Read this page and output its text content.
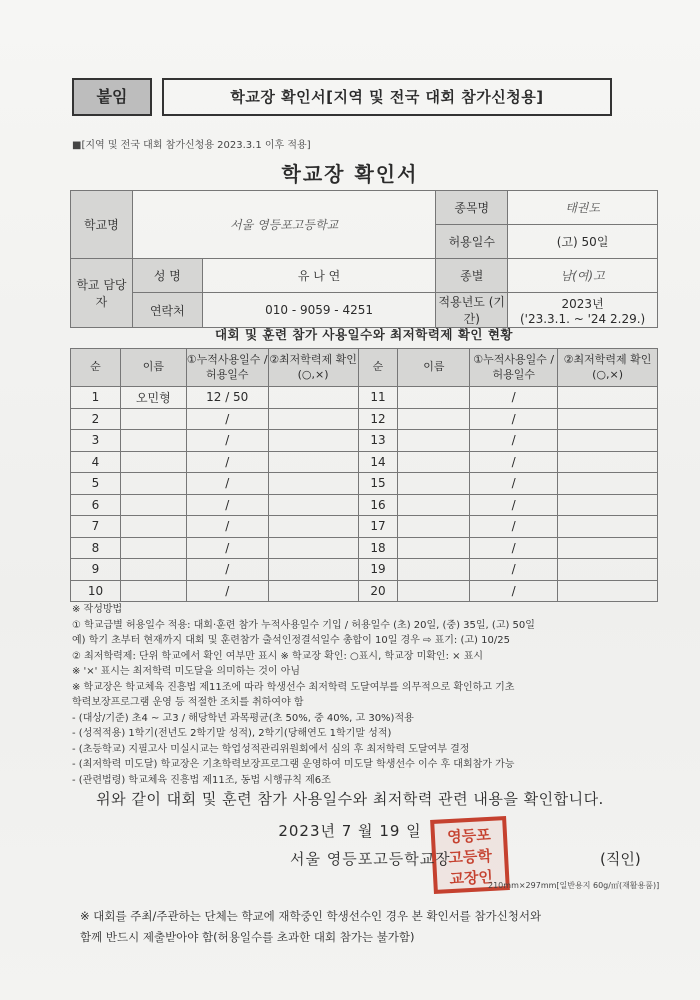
붙임	학교장 확인서[지역 및 전국 대회 참가신청용]
■[지역 및 전국 대회 참가신청용 2023.3.1 이후 적용]
학교장 확인서
학교명	서울 영등포고등학교		종목명	태권도
			허용일수	(고) 50일
학교 담당자	성 명	유 나 연	종별	남(여)고
	연락처	010 - 9059 - 4251	적용년도 (기간)	2023년
('23.3.1. ~ '24 2.29.)
대회 및 훈련 참가 사용일수와 최저학력제 확인 현황
순	이름	①누적사용일수 /허용일수	②최저학력제 확인(○,×)	순	이름	①누적사용일수 /허용일수	②최저학력제 확인(○,×)
1	오민형	12 / 50		11		/	
2		/		12		/	
3		/		13		/	
4		/		14		/	
5		/		15		/	
6		/		16		/	
7		/		17		/	
8		/		18		/	
9		/		19		/	
10		/		20		/	
※ 작성방법
① 학교급별 허용일수 적용: 대회·훈련 참가 누적사용일수 기입 / 허용일수 (초) 20일, (중) 35일, (고) 50일
예) 학기 초부터 현재까지 대회 및 훈련참가 출석인정결석일수 총합이 10일 경우 ⇨ 표기: (고) 10/25
② 최저학력제: 단위 학교에서 확인 여부만 표시 ※ 학교장 확인: ○표시, 학교장 미확인: × 표시
※ '×' 표시는 최저학력 미도달을 의미하는 것이 아님
※ 학교장은 학교체육 진흥법 제11조에 따라 학생선수 최저학력 도달여부를 의무적으로 확인하고 기초
학력보장프로그램 운영 등 적절한 조치를 취하여야 함
- (대상/기준) 초4 ~ 고3 / 해당학년 과목평균(초 50%, 중 40%, 고 30%)적용
- (성적적용) 1학기(전년도 2학기말 성적), 2학기(당해연도 1학기말 성적)
- (초등학교) 지필고사 미실시교는 학업성적관리위원회에서 심의 후 최저학력 도달여부 결정
- (최저학력 미도달) 학교장은 기초학력보장프로그램 운영하여 미도달 학생선수 이수 후 대회참가 가능
- (관련법령) 학교체육 진흥법 제11조, 동법 시행규칙 제6조
위와 같이 대회 및 훈련 참가 사용일수와 최저학력 관련 내용을 확인합니다.
2023년 7 월 19 일	영등포
고등학
교장인
서울 영등포고등학교장	(직인)
210mm×297mm[일반용지 60g/㎡(재활용품)]
※ 대회를 주최/주관하는 단체는 학교에 재학중인 학생선수인 경우 본 확인서를 참가신청서와
함께 반드시 제출받아야 함(허용일수를 초과한 대회 참가는 불가함)
